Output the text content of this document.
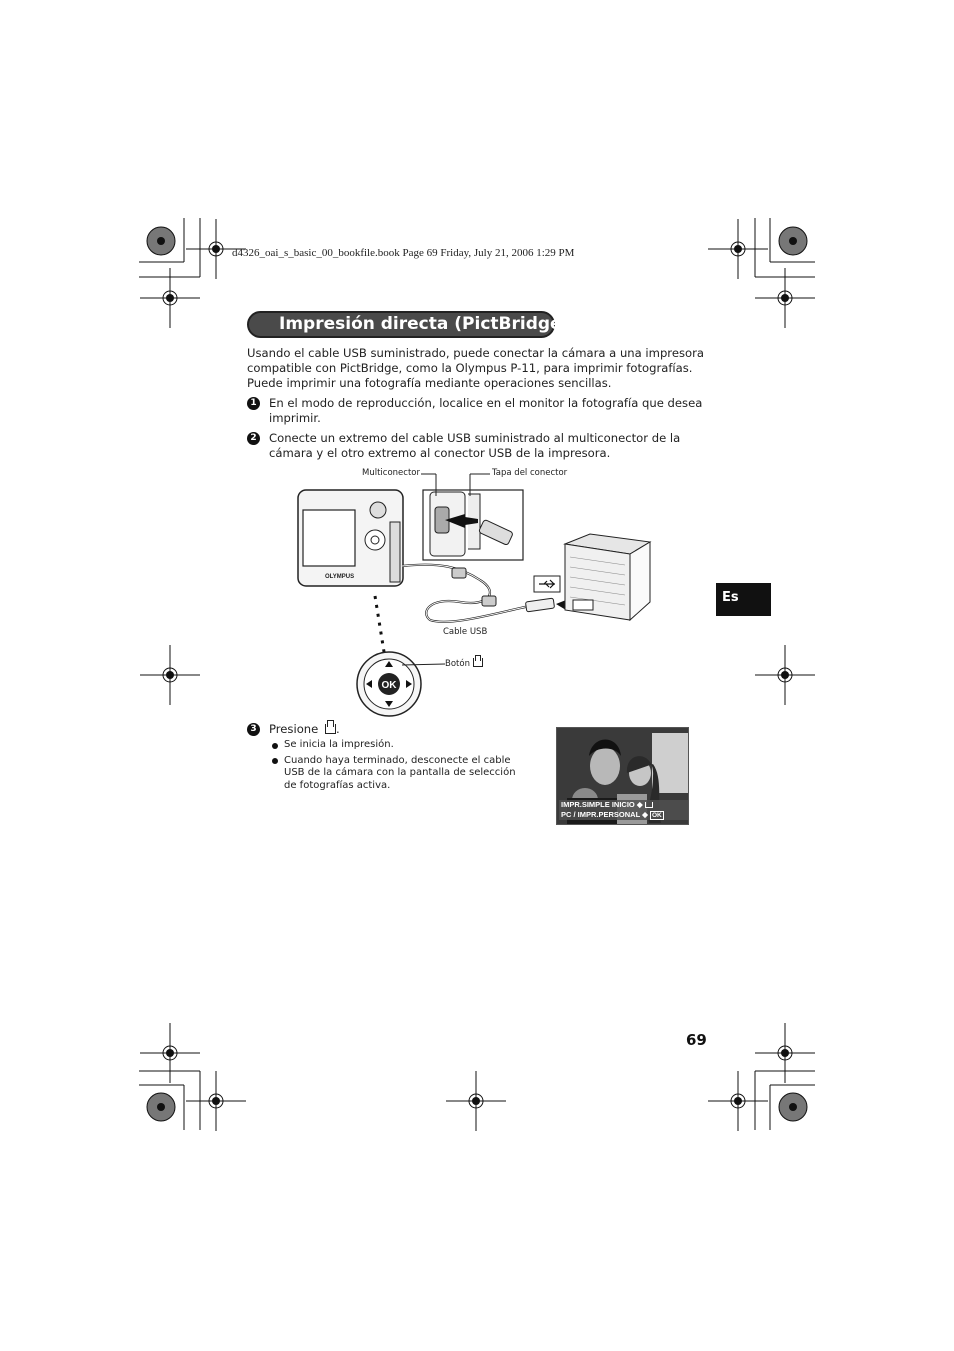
d4326_oai_s_basic_00_bookfile.book Page 69 Friday, July 21, 2006 1:29 PM
Impresión directa (PictBridge)
Usando el cable USB suministrado, puede conectar la cámara a una impresora compatible con PictBridge, como la Olympus P-11, para imprimir fotografías. Puede imprimir una fotografía mediante operaciones sencillas.
1 En el modo de reproducción, localice en el monitor la fotografía que desea imprimir.
2 Conecte un extremo del cable USB suministrado al multiconector de la cámara y el otro extremo al conector USB de la impresora.
OLYMPUS
OK
Multiconector	Tapa del conector
Cable USB
Botón
3 Presione .
Se inicia la impresión.
Cuando haya terminado, desconecte el cable USB de la cámara con la pantalla de selección de fotografías activa.
IMPR.SIMPLE INICIO ◆
PC / IMPR.PERSONAL ◆ OK
Es
69
